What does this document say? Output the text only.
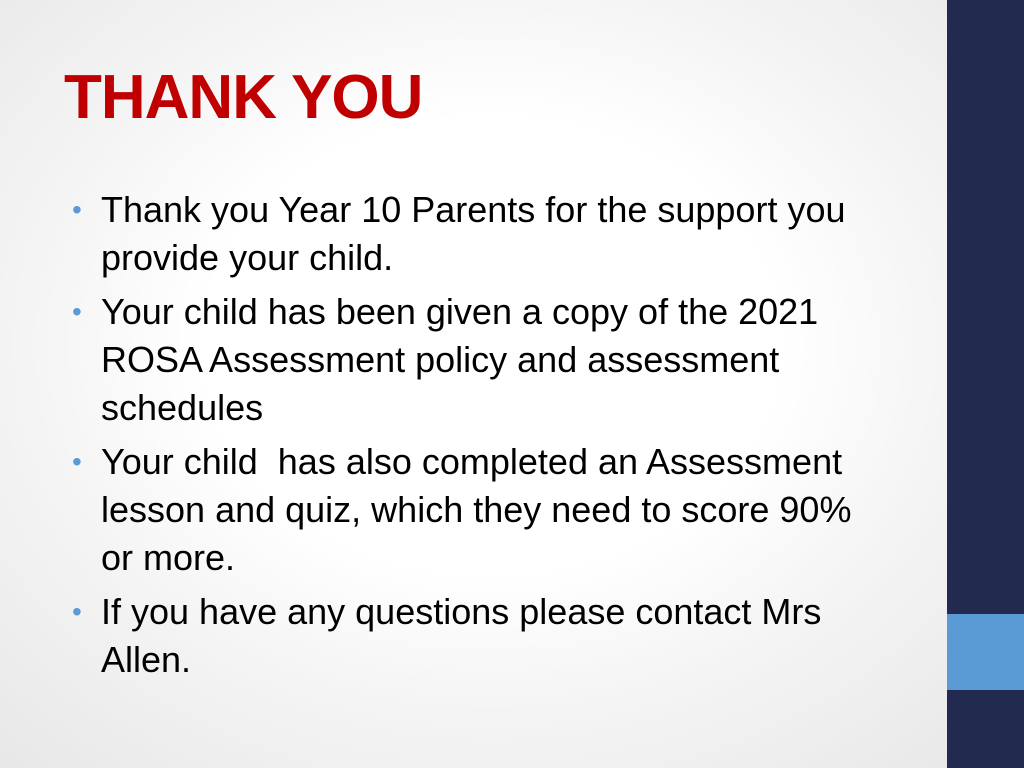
THANK YOU
• Thank you Year 10 Parents for the support you provide your child.
• Your child has been given a copy of the 2021 ROSA Assessment policy and assessment schedules
• Your child  has also completed an Assessment lesson and quiz, which they need to score 90% or more.
• If you have any questions please contact Mrs Allen.
